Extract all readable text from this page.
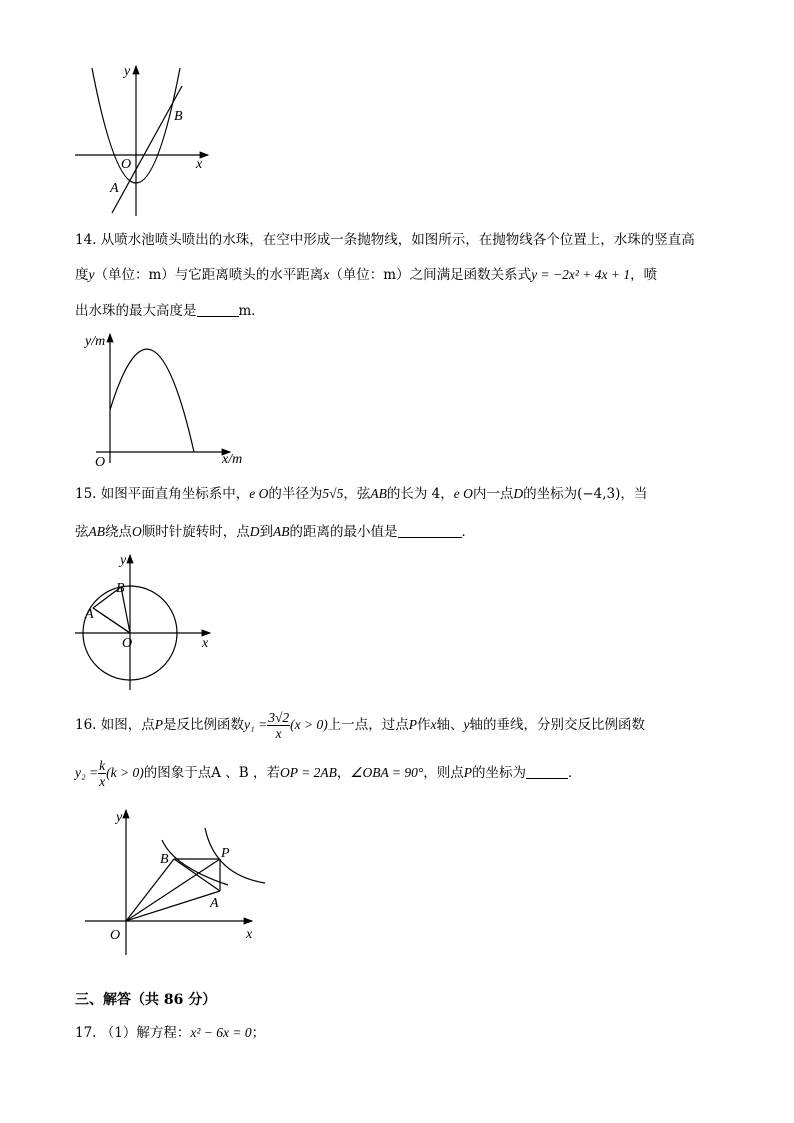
y
x
O
A
B
14. 从喷水池喷头喷出的水珠，在空中形成一条抛物线，如图所示，在抛物线各个位置上，水珠的竖直高
度y（单位：m）与它距离喷头的水平距离x（单位：m）之间满足函数关系式y = −2x² + 4x + 1，喷
出水珠的最大高度是	m．
y/m
x/m
O
15. 如图平面直角坐标系中，e O的半径为5√5，弦AB的长为 4，e O内一点D的坐标为(−4,3)，当
弦AB绕点O顺时针旋转时，点D到AB的距离的最小值是	．
y
x
O
A
B
16. 如图，点P是反比例函数$y_1 = \frac{3√2}{x} (x > 0)$上一点，过点P作x轴、y轴的垂线，分别交反比例函数
$y_2 = \frac{k}{x} (k > 0)$的图象于点A 、B ，若OP = 2AB，∠OBA = 90°，则点P的坐标为	．
y
x
O
B	P
A
三、解答（共 86 分）
17. （1）解方程：x² − 6x = 0；
